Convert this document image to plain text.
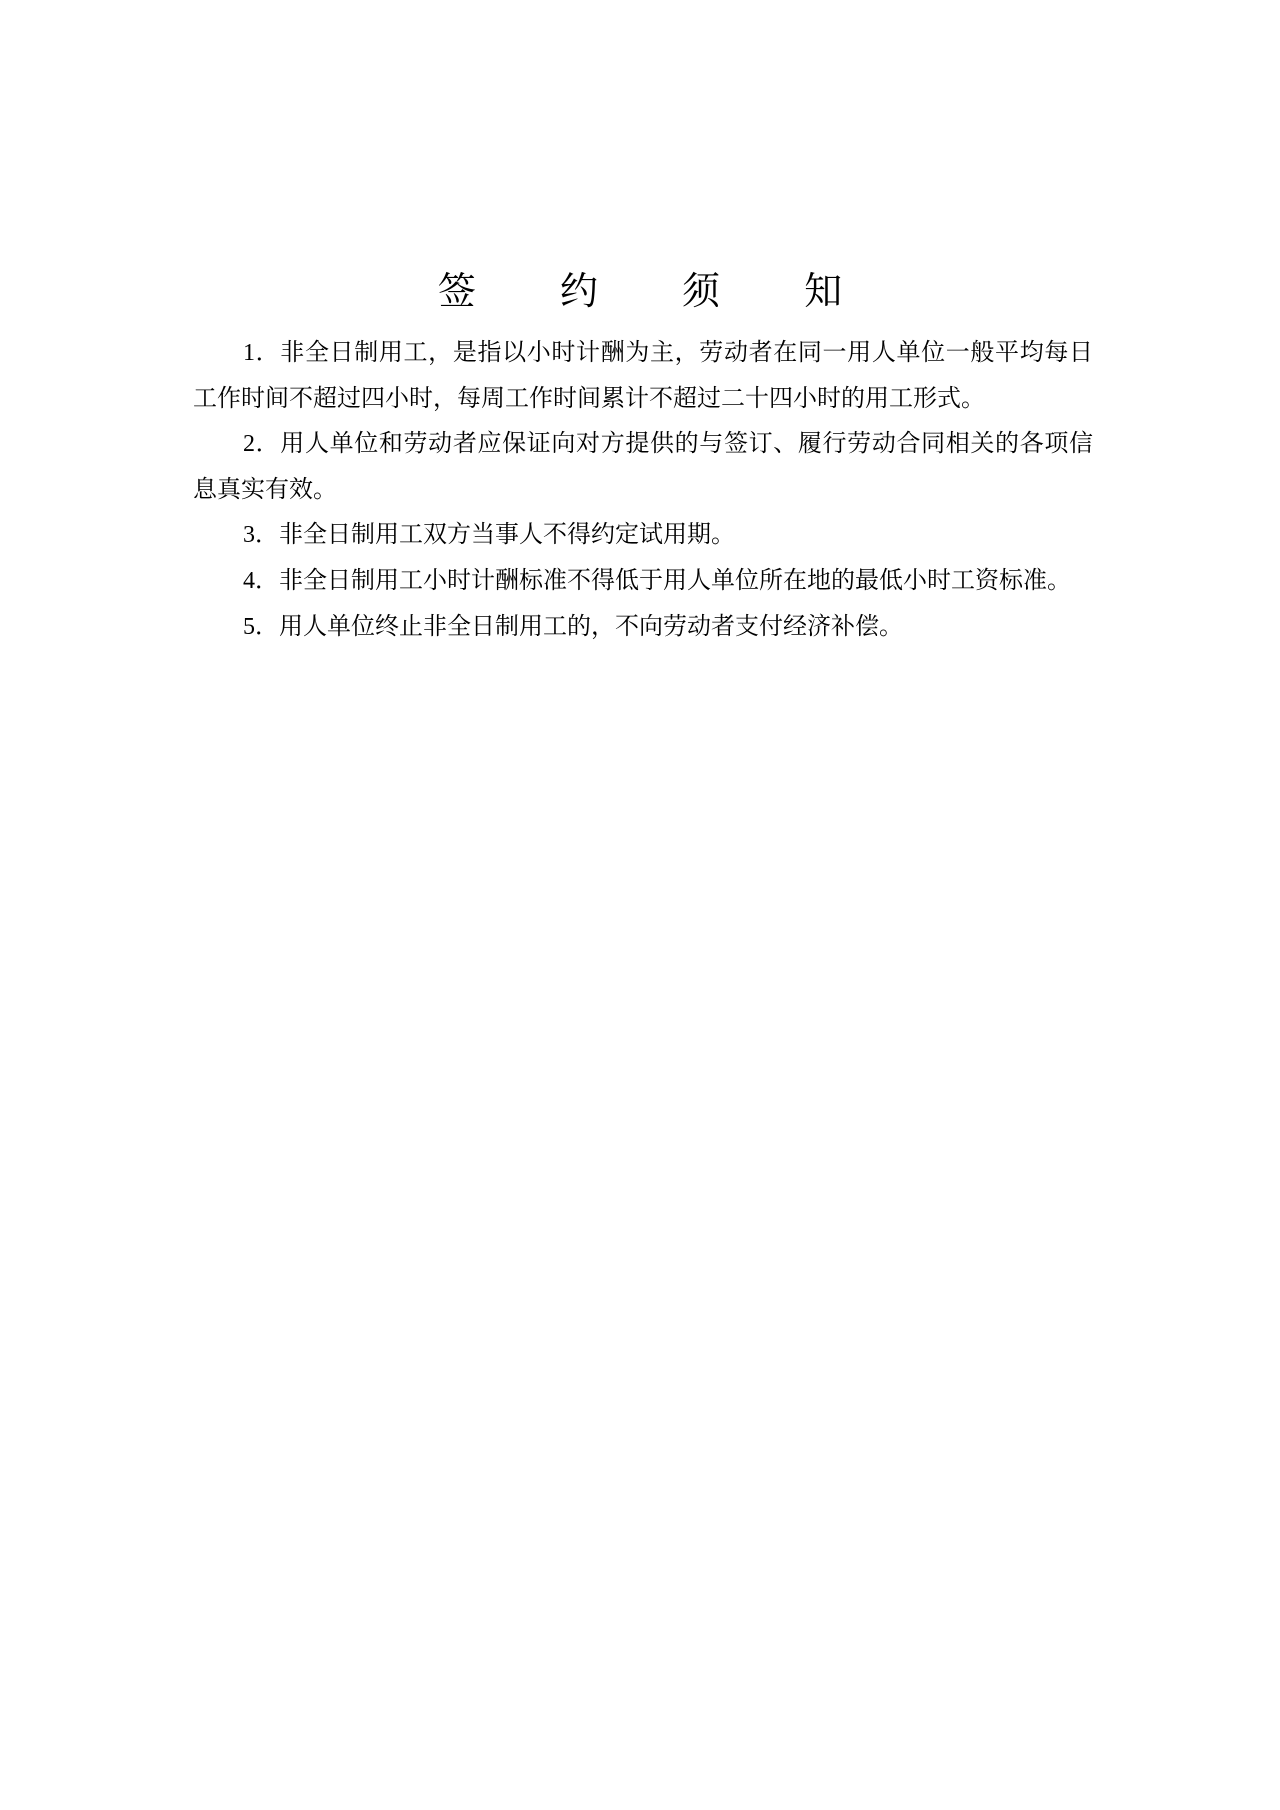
签 约 须 知

1．非全日制用工，是指以小时计酬为主，劳动者在同一用人单位一般平均每日工作时间不超过四小时，每周工作时间累计不超过二十四小时的用工形式。

2．用人单位和劳动者应保证向对方提供的与签订、履行劳动合同相关的各项信息真实有效。

3．非全日制用工双方当事人不得约定试用期。

4．非全日制用工小时计酬标准不得低于用人单位所在地的最低小时工资标准。

5．用人单位终止非全日制用工的，不向劳动者支付经济补偿。
